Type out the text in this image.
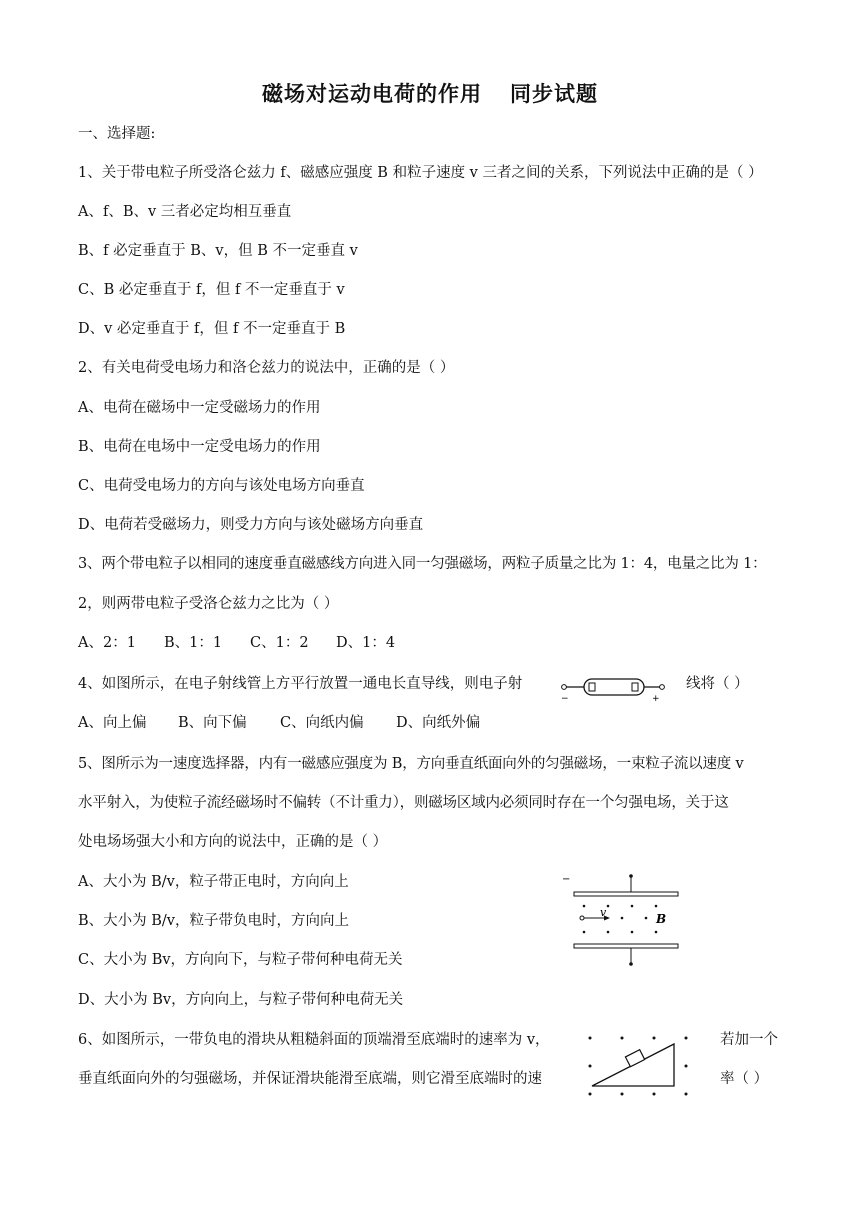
磁场对运动电荷的作用 同步试题
一、选择题:
1、关于带电粒子所受洛仑兹力 f、磁感应强度 B 和粒子速度 v 三者之间的关系，下列说法中正确的是（ ）
A、f、B、v 三者必定均相互垂直
B、f 必定垂直于 B、v，但 B 不一定垂直 v
C、B 必定垂直于 f，但 f 不一定垂直于 v
D、v 必定垂直于 f，但 f 不一定垂直于 B
2、有关电荷受电场力和洛仑兹力的说法中，正确的是（ ）
A、电荷在磁场中一定受磁场力的作用
B、电荷在电场中一定受电场力的作用
C、电荷受电场力的方向与该处电场方向垂直
D、电荷若受磁场力，则受力方向与该处磁场方向垂直
3、两个带电粒子以相同的速度垂直磁感线方向进入同一匀强磁场，两粒子质量之比为 1：4，电量之比为 1：
2，则两带电粒子受洛仑兹力之比为（ ）
A、2：1 B、1：1 C、1：2 D、1：4
4、如图所示，在电子射线管上方平行放置一通电长直导线，则电子射
−	+
线将（ ）
A、向上偏 B、向下偏 C、向纸内偏 D、向纸外偏
5、图所示为一速度选择器，内有一磁感应强度为 B，方向垂直纸面向外的匀强磁场，一束粒子流以速度 v
水平射入，为使粒子流经磁场时不偏转（不计重力），则磁场区域内必须同时存在一个匀强电场，关于这
处电场场强大小和方向的说法中，正确的是（ ）
A、大小为 B/v，粒子带正电时，方向向上
B、大小为 B/v，粒子带负电时，方向向上
C、大小为 Bv，方向向下，与粒子带何种电荷无关
D、大小为 Bv，方向向上，与粒子带何种电荷无关
−
v	B
6、如图所示，一带负电的滑块从粗糙斜面的顶端滑至底端时的速率为 v，	若加一个
垂直纸面向外的匀强磁场，并保证滑块能滑至底端，则它滑至底端时的速	率（ ）
